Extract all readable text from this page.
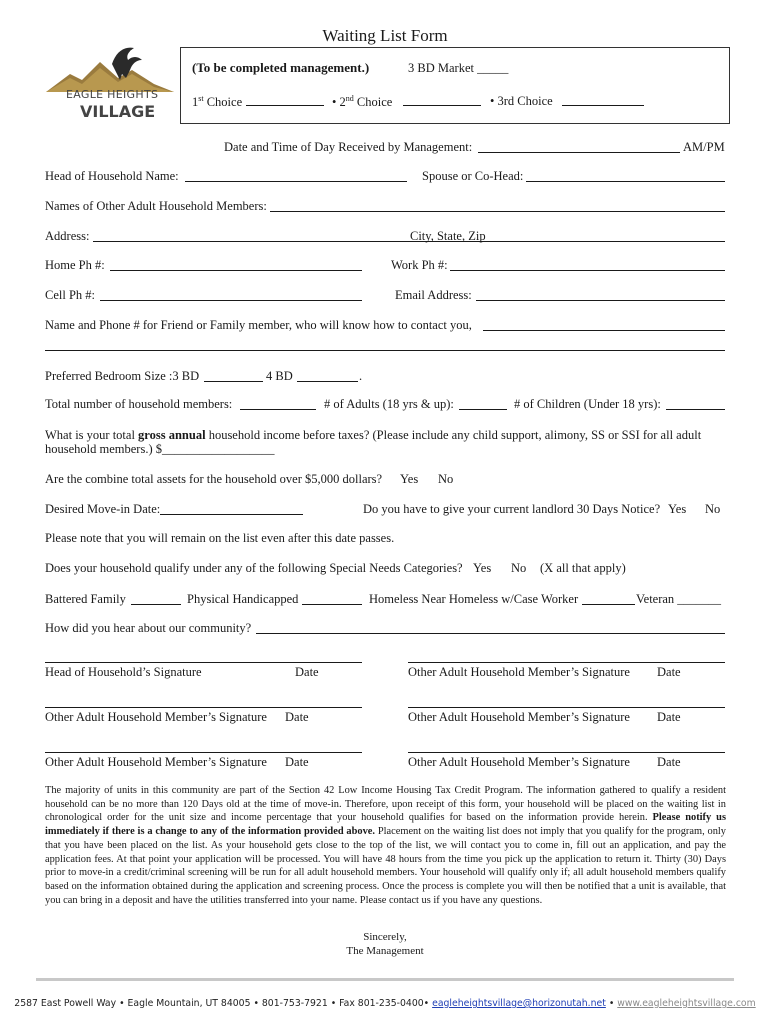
Waiting List Form
EAGLE HEIGHTS
VILLAGE
(To be completed management.)	3 BD Market _____
1st Choice	• 2nd Choice	• 3rd Choice
Date and Time of Day Received by Management:	AM/PM
Head of Household Name:	Spouse or Co-Head:
Names of Other Adult Household Members:
Address:	City, State, Zip
Home Ph #:	Work Ph #:
Cell Ph #:	Email Address:
Name and Phone # for Friend or Family member, who will know how to contact you,
Preferred Bedroom Size :3 BD	4 BD	.
Total number of household members:	# of Adults (18 yrs & up):	# of Children (Under 18 yrs):
What is your total gross annual household income before taxes? (Please include any child support, alimony, SS or SSI for all adult
household members.) $__________________
Are the combine total assets for the household over $5,000 dollars? Yes No
Desired Move-in Date:	Do you have to give your current landlord 30 Days Notice? Yes No
Please note that you will remain on the list even after this date passes.
Does your household qualify under any of the following Special Needs Categories? Yes No (X all that apply)
Battered Family	Physical Handicapped	Homeless Near Homeless w/Case Worker	Veteran _______
How did you hear about our community?
Head of Household’s Signature	Date	Other Adult Household Member’s Signature Date
Other Adult Household Member’s Signature Date	Other Adult Household Member’s Signature Date
Other Adult Household Member’s Signature Date	Other Adult Household Member’s Signature Date
The majority of units in this community are part of the Section 42 Low Income Housing Tax Credit Program. The information gathered to qualify a resident household can be no more than 120 Days old at the time of move-in. Therefore, upon receipt of this form, your household will be placed on the waiting list in chronological order for the unit size and income percentage that your household qualifies for based on the information provide herein. Please notify us immediately if there is a change to any of the information provided above. Placement on the waiting list does not imply that you qualify for the program, only that you have been placed on the list. As your household gets close to the top of the list, we will contact you to come in, fill out an application, and pay the application fees. At that point your application will be processed. You will have 48 hours from the time you pick up the application to return it. Thirty (30) Days prior to move-in a credit/criminal screening will be run for all adult household members. Your household will qualify only if; all adult household members qualify based on the information obtained during the application and screening process. Once the process is complete you will then be notified that a unit is available, that you can bring in a deposit and have the utilities transferred into your name. Please contact us if you have any questions.
Sincerely,
The Management
2587 East Powell Way • Eagle Mountain, UT 84005 • 801-753-7921 • Fax 801-235-0400• eagleheightsvillage@horizonutah.net • www.eagleheightsvillage.com
